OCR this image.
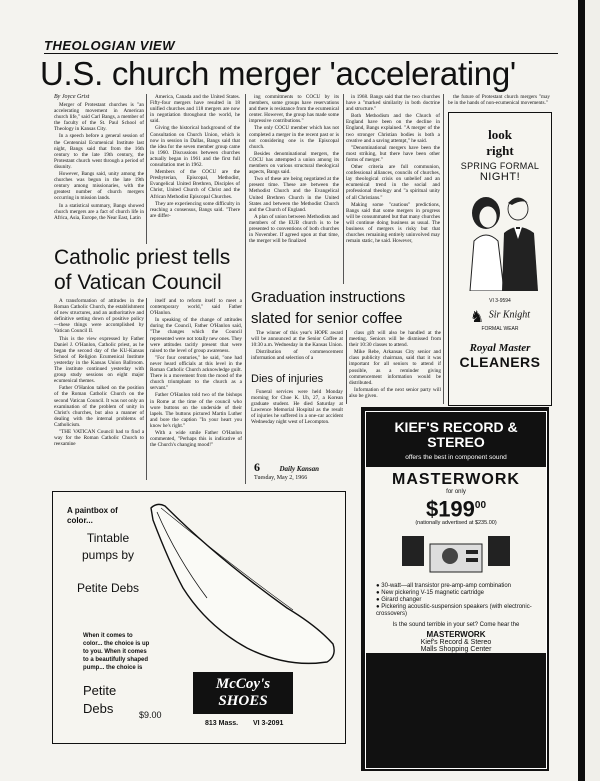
THEOLOGIAN VIEW
U.S. church merger 'accelerating'
By Joyce Grist

Merger of Protestant churches is "an accelerating movement in American church life," said Carl Bangs, a member of the faculty of the St. Paul School of Theology in Kansas City.

In a speech before a general session of the Centennial Ecumenical Institute last night, Bangs said that from the 16th century to the late 19th century, the Protestant church went through a period of disunity.

However, Bangs said, unity among the churches was begun in the late 19th century among missionaries, with the greatest number of church mergers occurring in mission lands.

In a statistical summary, Bangs showed church mergers are a fact of church life in Africa, Asia, Europe, the Near East, Latin

America, Canada and the United States. Fifty-four mergers have resulted in 18 unified churches and 118 mergers are now in negotiation throughout the world, he said.

Giving the historical background of the Consultation on Church Union, which is now in session in Dallas, Bangs said that the idea for the seven member group came in 1960. Discussions between churches actually began in 1961 and the first full consultation met in 1962.

Members of the COCU are the Presbyterian, Episcopal, Methodist, Evangelical United Brethren, Disciples of Christ, United Church of Christ and the African Methodist Episcopal Churches.

They are experiencing some difficulty in reaching a consensus, Bangs said. "There are differ-

ing commitments to COCU by its members, some groups have reservations and there is resistance from the ecumenical center. However, the group has made some impressive contributions."

The only COCU member which has not completed a merger in the recent past or is not considering one is the Episcopal church.

Besides denominational mergers, the COCU has attempted a union among its members on various structural theological aspects, Bangs said.

Two of these are being negotiated at the present time. These are between the Methodist Church and the Evangelical United Brethren Church in the United States and between the Methodist Church and the Church of England.

A plan of union between Methodists and members of the EUB church is to be presented to conventions of both churches in November. If agreed upon at that time, the merger will be finalized

in 1968. Bangs said that the two churches have a "marked similarity in both doctrine and structure."

Both Methodism and the Church of England have been on the decline in England, Bangs explained. "A merger of the two stronger Christian bodies is both a creative and a saving attempt," he said.

"Denominational mergers have been the most striking, but there have been other forms of merger."

Other criteria are full communion, confessional alliances, councils of churches, lay theological crisis on unbelief and an ecumenical trend in the social and professional theology and "a spiritual unity of all Christians."

Making some "cautious" predictions, Bangs said that some mergers in progress will be consummated but that many churches will continue doing business as usual. The business of mergers is risky but that churches remaining entirely uninvolved may remain static, he said. However,

the future of Protestant church mergers "may be in the hands of non-ecumenical movements."

Catholic priest tells of Vatican Council

A transformation of attitudes in the Roman Catholic Church, the establishment of new structures, and an authoritative and definitive setting down of positive policy—these things were accomplished by Vatican Council II.

This is the view expressed by Father Daniel J. O'Hanlon, Catholic priest, as he began the second day of the KU-Kansas School of Religion Ecumenical Institute yesterday in the Kansas Union Ballroom. The institute continued yesterday with group study sessions on eight major ecumenical themes.

Father O'Hanlon talked on the position of the Roman Catholic Church on the second Vatican Council. It was not only an examination of the problem of unity in Christ's churches, but also a manner of dealing with the internal problems of Catholicism.

"THE VATICAN Council had to find a way for the Roman Catholic Church to reexamine

itself and to reform itself to meet a contemporary world," said Father O'Hanlon.

In speaking of the change of attitudes during the Council, Father O'Hanlon said, "The changes which the Council represented were not totally new ones. They were attitudes tacitly present that were raised to the level of group awareness.

"For four centuries," he said, "one had never heard officials at this level in the Roman Catholic Church acknowledge guilt. There is a movement from the mood of the church triumphant to the church as a servant."

Father O'Hanlon told two of the bishops in Rome at the time of the council who wore buttons on the underside of their lapels. The buttons pictured Martin Luther and bore the caption "In your heart you know he's right."

With a wide smile Father O'Hanlon commented, "Perhaps this is indicative of the Church's changing mood!"

Graduation instructions slated for senior coffee

The winner of this year's HOPE award will be announced at the Senior Coffee at 10:30 a.m. Wednesday in the Kansas Union.

Distribution of commencement information and selection of a

class gift will also be handled at the meeting. Seniors will be dismissed from their 10:30 classes to attend.

Mike Rebe, Arkansas City senior and class publicity chairman, said that it was important for all seniors to attend if possible, as a reminder giving commencement information would be distributed.

Information of the next senior party will also be given.

Dies of injuries

Funeral services were held Monday morning for Choe K. Uh, 27, a Korean graduate student. He died Saturday at Lawrence Memorial Hospital as the result of injuries he suffered in a one-car accident Wednesday night west of Lecompton.

6	Daily Kansan
Tuesday, May 2, 1966
look
right
SPRING FORMAL
NIGHT!
VI 3-9594
♞ Sir Knight
FORMAL WEAR
Royal Master
CLEANERS
KIEF'S RECORD & STEREO
offers the best in component sound
MASTERWORK
for only
$\$199^{00}$
(nationally advertised at $235.00)
● 30-watt—all transistor pre-amp-amp combination
● New pickering V-15 magnetic cartridge
● Girard changer
● Pickering acoustic-suspension speakers (with electronic-crossovers)
Is the sound terrible in your set? Come hear the
MASTERWORK
Kief's Record & Stereo
Malls Shopping Center
A paintbox of color...
Tintable pumps by
Petite Debs
When it comes to color... the choice is up to you. When it comes to a beautifully shaped pump... the choice is
Petite Debs	$9.00
McCoy's SHOES
813 Mass. VI 3-2091
